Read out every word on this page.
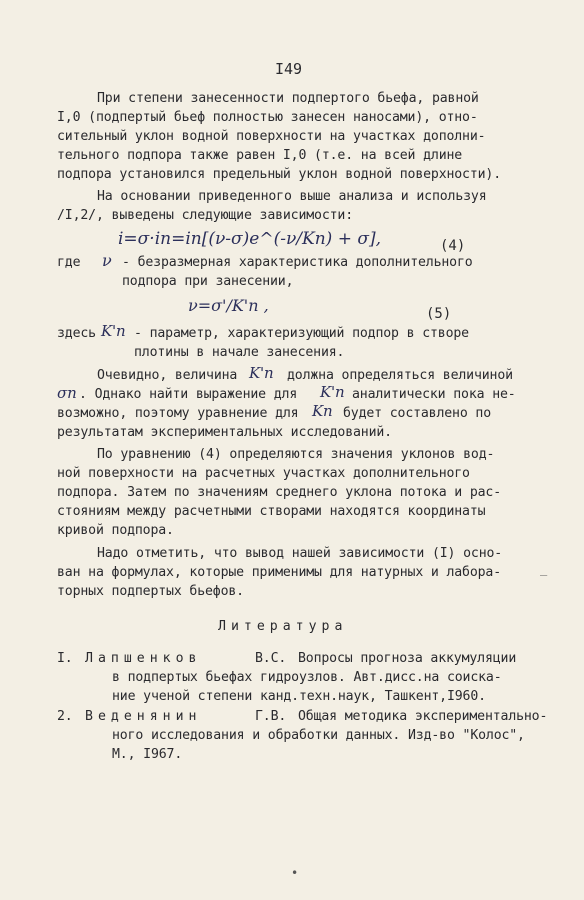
I49
При степени занесенности подпертого бьефа, равной
I,0 (подпертый бьеф полностью занесен наносами), отно-
сительный уклон водной поверхности на участках дополни-
тельного подпора также равен I,0 (т.е. на всей длине
подпора установился предельный уклон водной поверхности).
На основании приведенного выше анализа и используя
/I,2/, выведены следующие зависимости:
i=σ·iп=iп[(ν-σ)e^(-ν/Kп) + σ],	(4)
где ν - безразмерная характеристика дополнительного
подпора при занесении,
ν=σ'/K'п ,	(5)
здесь K'п - параметр, характеризующий подпор в створе
плотины в начале занесения.
Очевидно, величина K'п должна определяться величиной
σп . Однако найти выражение для K'п аналитически пока не-
возможно, поэтому уравнение для Kп будет составлено по
результатам экспериментальных исследований.
По уравнению (4) определяются значения уклонов вод-
ной поверхности на расчетных участках дополнительного
подпора. Затем по значениям среднего уклона потока и рас-
стояниям между расчетными створами находятся координаты
кривой подпора.
Надо отметить, что вывод нашей зависимости (I) осно-
ван на формулах, которые применимы для натурных и лабора-
торных подпертых бьефов.
Литература
I. Лапшенков	В.С. Вопросы прогноза аккумуляции
в подпертых бьефах гидроузлов. Авт.дисс.на соиска-
ние ученой степени канд.техн.наук, Ташкент,I960.
2. Веденянин	Г.В. Общая методика экспериментально-
ного исследования и обработки данных. Изд-во "Колос",
М., I967.
_
•
